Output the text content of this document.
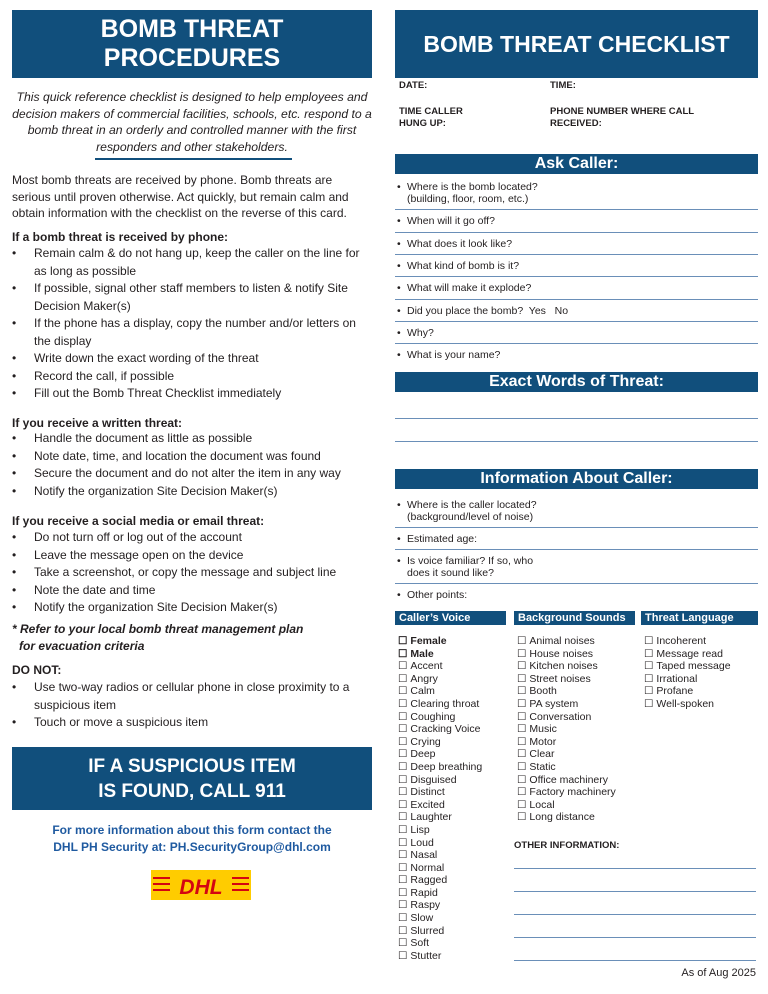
BOMB THREAT
PROCEDURES

This quick reference checklist is designed to help employees and decision makers of commercial facilities, schools, etc. respond to a bomb threat in an orderly and controlled manner with the first responders and other stakeholders.

Most bomb threats are received by phone. Bomb threats are serious until proven otherwise. Act quickly, but remain calm and obtain information with the checklist on the reverse of this card.

If a bomb threat is received by phone:
• Remain calm & do not hang up, keep the caller on the line for as long as possible
• If possible, signal other staff members to listen & notify Site Decision Maker(s)
• If the phone has a display, copy the number and/or letters on the display
• Write down the exact wording of the threat
• Record the call, if possible
• Fill out the Bomb Threat Checklist immediately
If you receive a written threat:
• Handle the document as little as possible
• Note date, time, and location the document was found
• Secure the document and do not alter the item in any way
• Notify the organization Site Decision Maker(s)
If you receive a social media or email threat:
• Do not turn off or log out of the account
• Leave the message open on the device
• Take a screenshot, or copy the message and subject line
• Note the date and time
• Notify the organization Site Decision Maker(s)
* Refer to your local bomb threat management plan
for evacuation criteria
DO NOT:
• Use two-way radios or cellular phone in close proximity to a suspicious item
• Touch or move a suspicious item
IF A SUSPICIOUS ITEM
IS FOUND, CALL 911
For more information about this form contact the
DHL PH Security at: PH.SecurityGroup@dhl.com
DHL
BOMB THREAT CHECKLIST
DATE:	TIME:
TIME CALLER
HUNG UP:
PHONE NUMBER WHERE CALL
RECEIVED:
Ask Caller:
• Where is the bomb located?
(building, floor, room, etc.)
• When will it go off?
• What does it look like?
• What kind of bomb is it?
• What will make it explode?
• Did you place the bomb?  Yes   No
• Why?
• What is your name?
Exact Words of Threat:
Information About Caller:
• Where is the caller located?
(background/level of noise)
• Estimated age:
• Is voice familiar? If so, who
does it sound like?
• Other points:
Caller’s Voice	Background Sounds	Threat Language
☐ Female
☐ Male
☐ Accent
☐ Angry
☐ Calm
☐ Clearing throat
☐ Coughing
☐ Cracking Voice
☐ Crying
☐ Deep
☐ Deep breathing
☐ Disguised
☐ Distinct
☐ Excited
☐ Laughter
☐ Lisp
☐ Loud
☐ Nasal
☐ Normal
☐ Ragged
☐ Rapid
☐ Raspy
☐ Slow
☐ Slurred
☐ Soft
☐ Stutter
☐ Animal noises
☐ House noises
☐ Kitchen noises
☐ Street noises
☐ Booth
☐ PA system
☐ Conversation
☐ Music
☐ Motor
☐ Clear
☐ Static
☐ Office machinery
☐ Factory machinery
☐ Local
☐ Long distance
☐ Incoherent
☐ Message read
☐ Taped message
☐ Irrational
☐ Profane
☐ Well-spoken
OTHER INFORMATION:
As of Aug 2025
